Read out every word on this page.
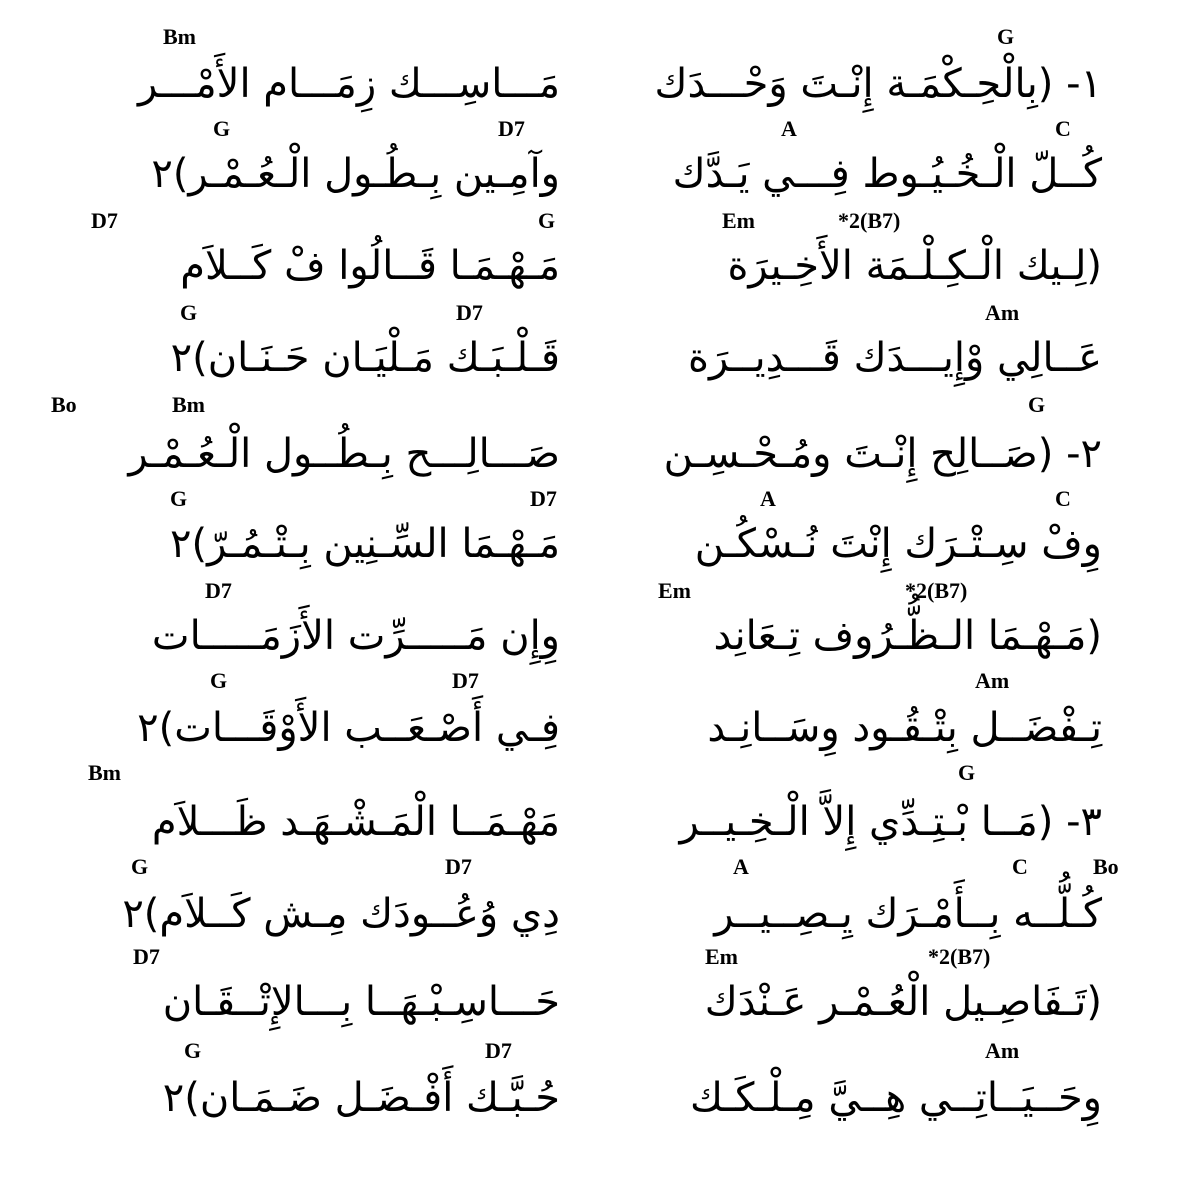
G
Bm
١- (بِالْحِـكْمَـة إِنْـتَ وَحْـــدَك
مَـــاسِـــك زِمَـــام الأَمْـــر
A	C
G	D7
كُــلّ الْـخُـيُـوط فِـــي يَـدَّك
وآمِـين بِـطُـول الْـعُـمْـر)٢
Em	*2(B7)
D7	G
(لِـيك الْـكِـلْـمَة الأَخِـيرَة
مَـهْـمَـا قَــالُوا فْ كَــلاَم
Am
G	D7
عَــالِي وْإِيـــدَك قَـــدِيــرَة
قَـلْـبَـك مَـلْيَـان حَـنَـان)٢
G
Bo	Bm
٢- (صَــالِح إِنْـتَ ومُـحْـسِـن
صَـــالِـــح بِـطُــول الْـعُـمْـر
A	C
G	D7
وِفْ سِـتْـرَك إِنْتَ نُـسْكُـن
مَـهْـمَا السِّـنِين بِـتْـمُـرّ)٢
Em	*2(B7)
D7
(مَـهْـمَا الـظُّـرُوف تِـعَانِد
وِإِن مَـــــرِّت الأَزَمَـــــات
Am
G	D7
تِـفْضَــل بِتْـقُـود وِسَــانِـد
فِـي أَصْـعَــب الأَوْقَـــات)٢
G
Bm
٣- (مَــا بْـتِـدِّي إِلاَّ الْـخِـيــر
مَهْـمَــا الْمَـشْـهَـد ظَـــلاَم
A	C	Bo
G	D7
كُـلُّــه بِــأَمْـرَك يِـصِــيــر
دِي وُعُــودَك مِـش كَــلاَم)٢
Em	*2(B7)
D7
(تَـفَاصِـيل الْعُـمْـر عَـنْدَك
حَـــاسِـبْـهَــا بِـــالإِتْــقَـان
Am
G	D7
وِحَــيَــاتِــي هِــيَّ مِـلْـكَـك
حُـبَّـك أَفْـضَـل ضَـمَـان)٢
